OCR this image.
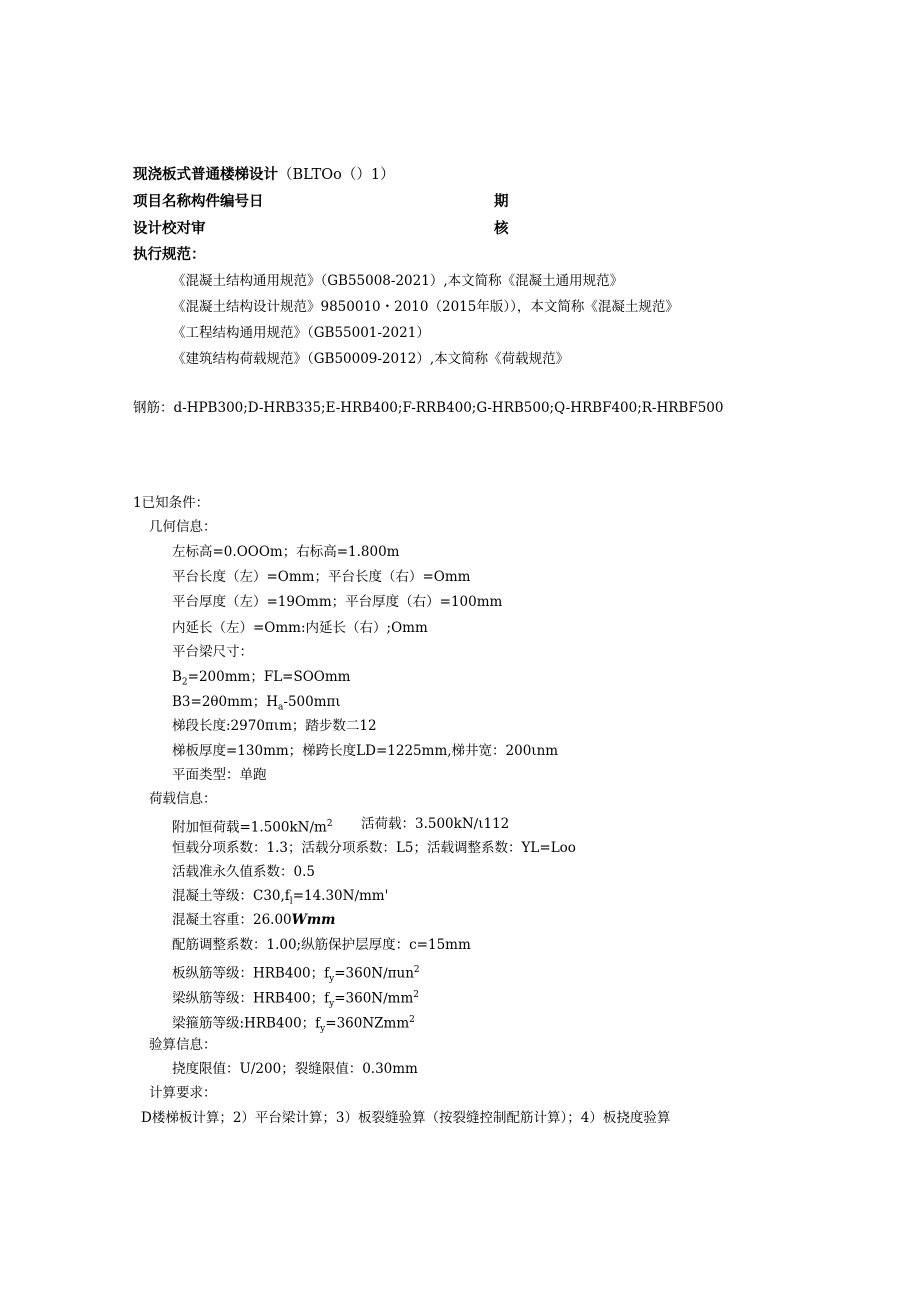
现浇板式普通楼梯设计（BLTOo（）1）
项目名称构件编号日	期
设计校对审	核
执行规范：
《混凝土结构通用规范》（GB55008-2021）,本文简称《混凝土通用规范》
《混凝土结构设计规范》9850010・2010（2015年版）），本文简称《混凝土规范》
《工程结构通用规范》（GB55001-2021）
《建筑结构荷载规范》（GB50009-2012）,本文简称《荷载规范》
钢筋：d-HPB300;D-HRB335;E-HRB400;F-RRB400;G-HRB500;Q-HRBF400;R-HRBF500
1已知条件：
几何信息：
左标高=0.OOOm；右标高=1.800m
平台长度（左）=Omm；平台长度（右）=Omm
平台厚度（左）=19Omm；平台厚度（右）=100mm
内延长（左）=Omm:内延长（右）;Omm
平台梁尺寸：
$B_2=200mm$；FL=SOOmm
B3=2θ0mm；$H_a-500m\pi\iota$
梯段长度:2970πιm；踏步数二12
梯板厚度=130mm；梯跨长度LD=1225mm,梯井宽：200ιnm
平面类型：单跑
荷载信息：
附加恒荷载$=1.500kN∕m^2$ 活荷载：3.500kN∕ι112
恒载分项系数：1.3；活载分项系数：L5；活载调整系数：YL=Loo
活载准永久值系数：0.5
混凝土等级：$C30,f_l=14.30N∕mm'$
混凝土容重：26.00Wmm
配筋调整系数：1.00;纵筋保护层厚度：c=15mm
板纵筋等级：HRB400；$f_y=360N∕\pi un^2$
梁纵筋等级：HRB400；$f_y=360N∕mm^2$
梁箍筋等级:HRB400；$f_y=360NZmm^2$
验算信息：
挠度限值：U/200；裂缝限值：0.30mm
计算要求：
D楼梯板计算；2）平台梁计算；3）板裂缝验算（按裂缝控制配筋计算）；4）板挠度验算
